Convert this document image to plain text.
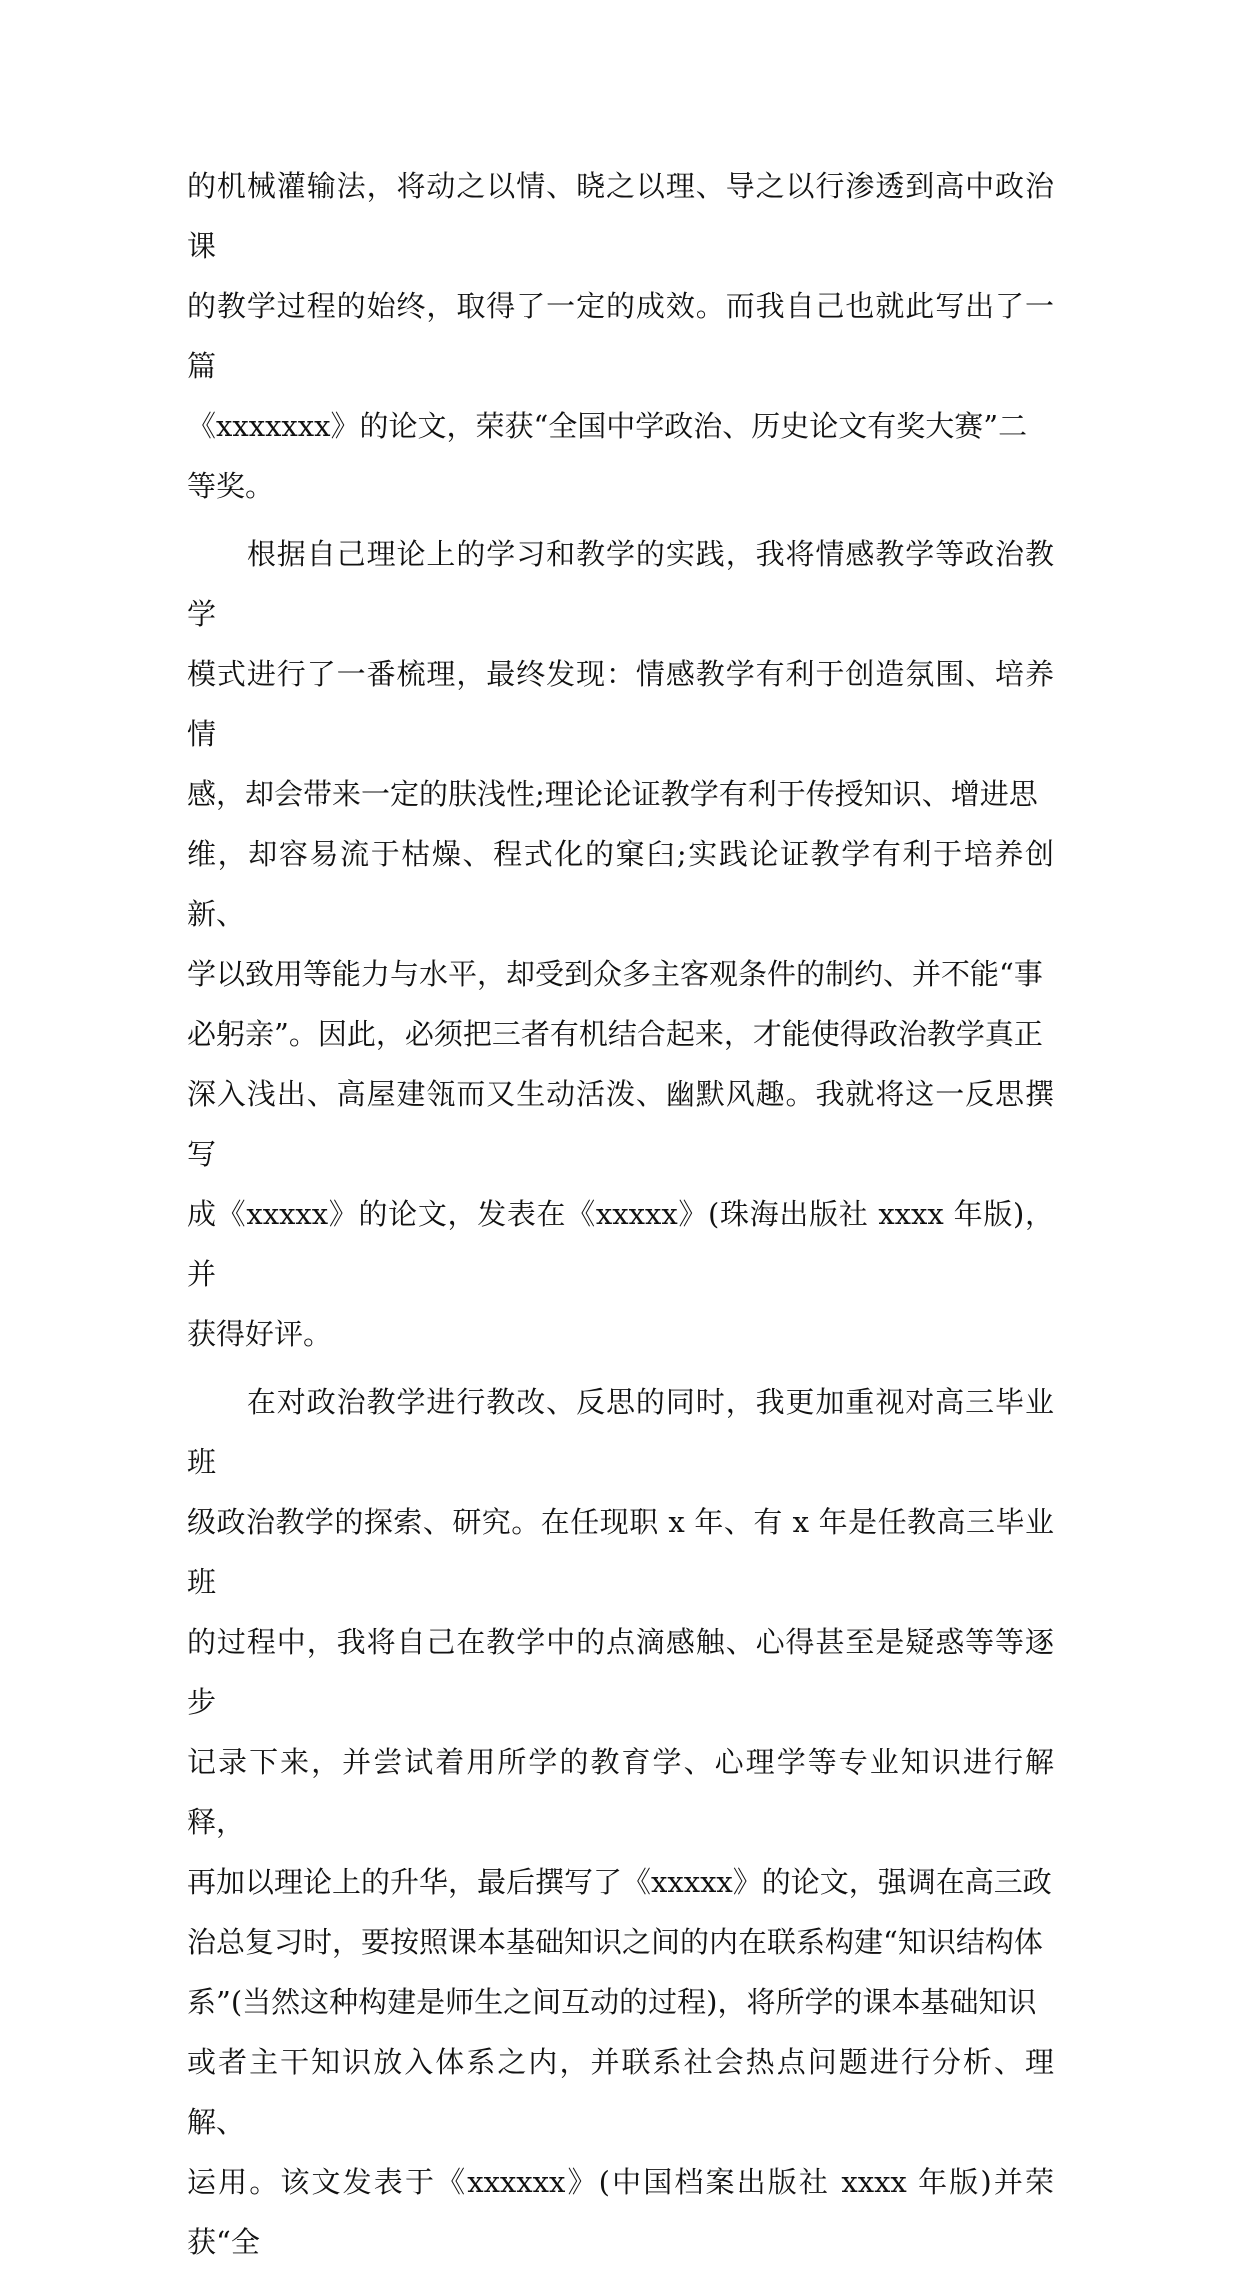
的机械灌输法，将动之以情、晓之以理、导之以行渗透到高中政治课
的教学过程的始终，取得了一定的成效。而我自己也就此写出了一篇
《xxxxxxx》的论文，荣获“全国中学政治、历史论文有奖大赛”二
等奖。

　　根据自己理论上的学习和教学的实践，我将情感教学等政治教学
模式进行了一番梳理，最终发现：情感教学有利于创造氛围、培养情
感，却会带来一定的肤浅性;理论论证教学有利于传授知识、增进思
维，却容易流于枯燥、程式化的窠臼;实践论证教学有利于培养创新、
学以致用等能力与水平，却受到众多主客观条件的制约、并不能“事
必躬亲”。因此，必须把三者有机结合起来，才能使得政治教学真正
深入浅出、高屋建瓴而又生动活泼、幽默风趣。我就将这一反思撰写
成《xxxxx》的论文，发表在《xxxxx》(珠海出版社 xxxx 年版)，并
获得好评。

　　在对政治教学进行教改、反思的同时，我更加重视对高三毕业班
级政治教学的探索、研究。在任现职 x 年、有 x 年是任教高三毕业班
的过程中，我将自己在教学中的点滴感触、心得甚至是疑惑等等逐步
记录下来，并尝试着用所学的教育学、心理学等专业知识进行解释，
再加以理论上的升华，最后撰写了《xxxxx》的论文，强调在高三政
治总复习时，要按照课本基础知识之间的内在联系构建“知识结构体
系”(当然这种构建是师生之间互动的过程)，将所学的课本基础知识
或者主干知识放入体系之内，并联系社会热点问题进行分析、理解、
运用。该文发表于《xxxxxx》(中国档案出版社 xxxx 年版)并荣获“全
